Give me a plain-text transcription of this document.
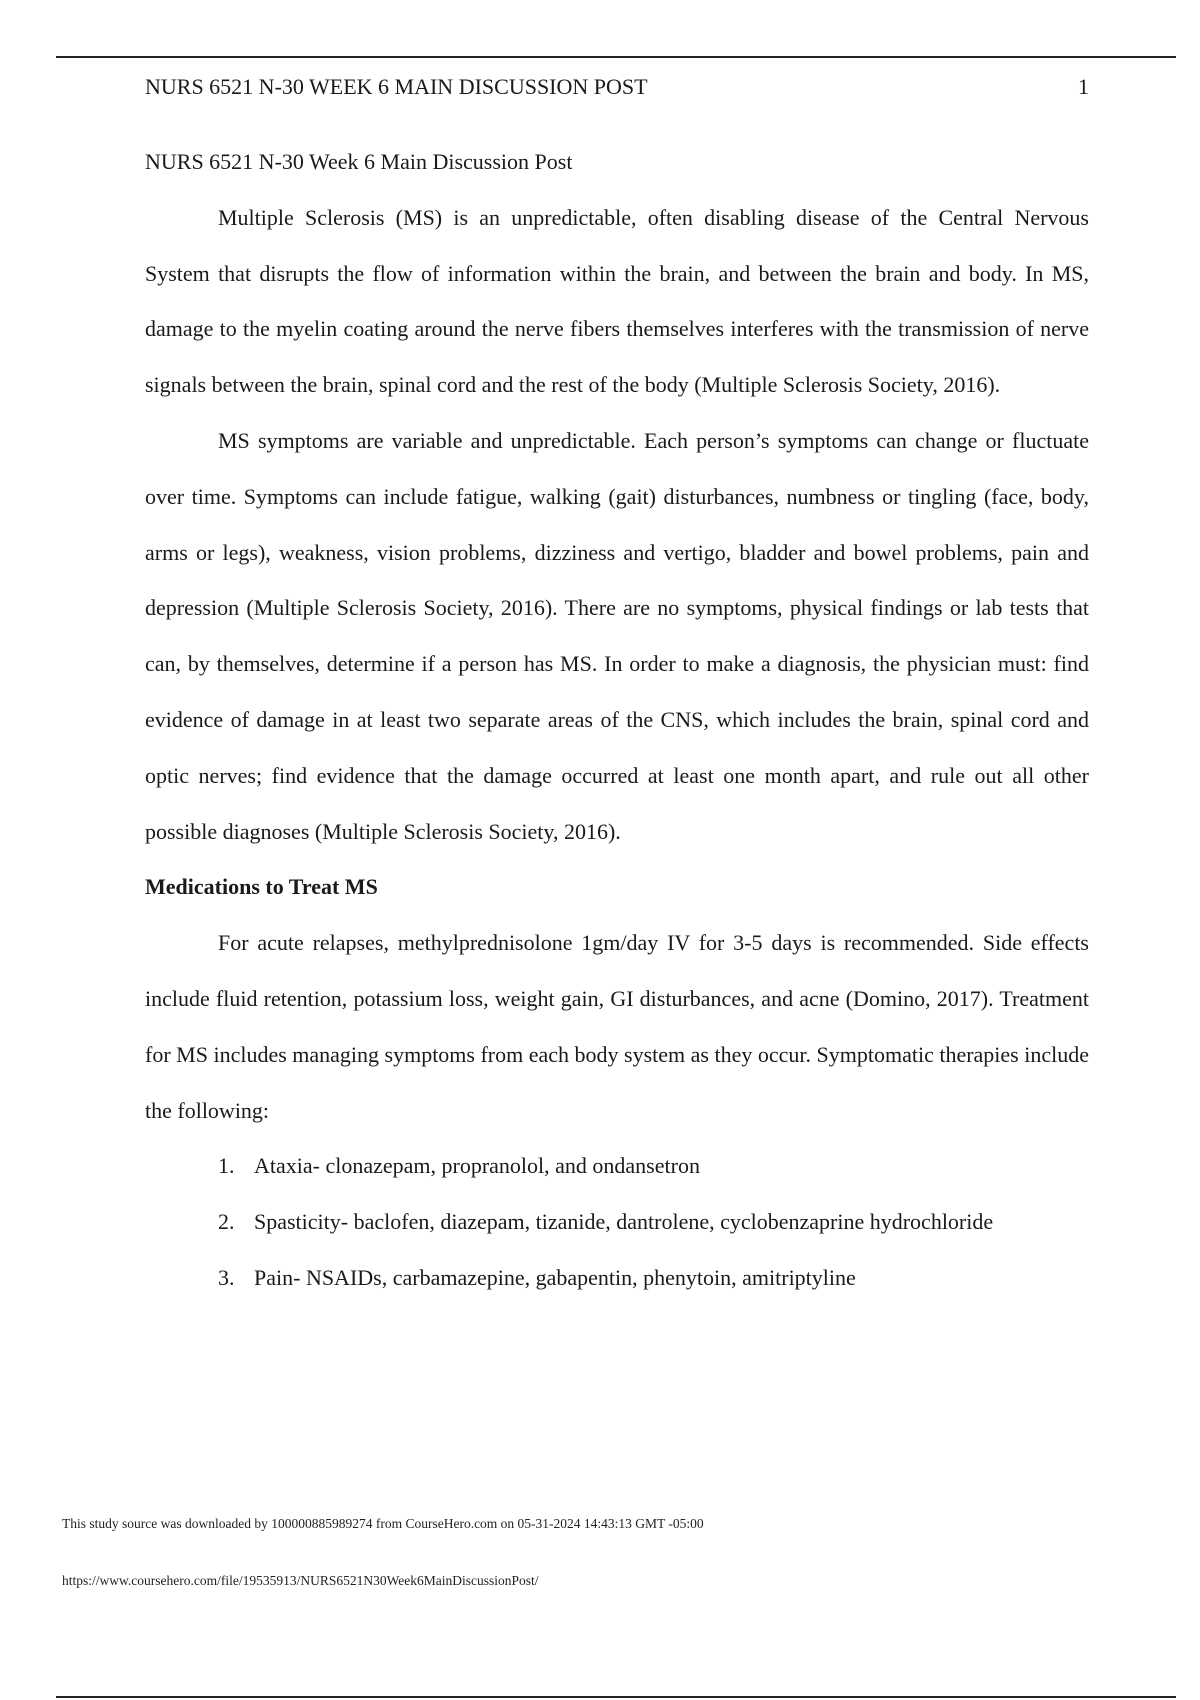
NURS 6521 N-30 WEEK 6 MAIN DISCUSSION POST	1

NURS 6521 N-30 Week 6 Main Discussion Post

Multiple Sclerosis (MS) is an unpredictable, often disabling disease of the Central Nervous System that disrupts the flow of information within the brain, and between the brain and body. In MS, damage to the myelin coating around the nerve fibers themselves interferes with the transmission of nerve signals between the brain, spinal cord and the rest of the body (Multiple Sclerosis Society, 2016).

MS symptoms are variable and unpredictable. Each person’s symptoms can change or fluctuate over time. Symptoms can include fatigue, walking (gait) disturbances, numbness or tingling (face, body, arms or legs), weakness, vision problems, dizziness and vertigo, bladder and bowel problems, pain and depression (Multiple Sclerosis Society, 2016). There are no symptoms, physical findings or lab tests that can, by themselves, determine if a person has MS. In order to make a diagnosis, the physician must: find evidence of damage in at least two separate areas of the CNS, which includes the brain, spinal cord and optic nerves; find evidence that the damage occurred at least one month apart, and rule out all other possible diagnoses (Multiple Sclerosis Society, 2016).

Medications to Treat MS

For acute relapses, methylprednisolone 1gm/day IV for 3-5 days is recommended. Side effects include fluid retention, potassium loss, weight gain, GI disturbances, and acne (Domino, 2017). Treatment for MS includes managing symptoms from each body system as they occur. Symptomatic therapies include the following:

1. Ataxia- clonazepam, propranolol, and ondansetron
2. Spasticity- baclofen, diazepam, tizanide, dantrolene, cyclobenzaprine hydrochloride
3. Pain- NSAIDs, carbamazepine, gabapentin, phenytoin, amitriptyline
This study source was downloaded by 100000885989274 from CourseHero.com on 05-31-2024 14:43:13 GMT -05:00
https://www.coursehero.com/file/19535913/NURS6521N30Week6MainDiscussionPost/
